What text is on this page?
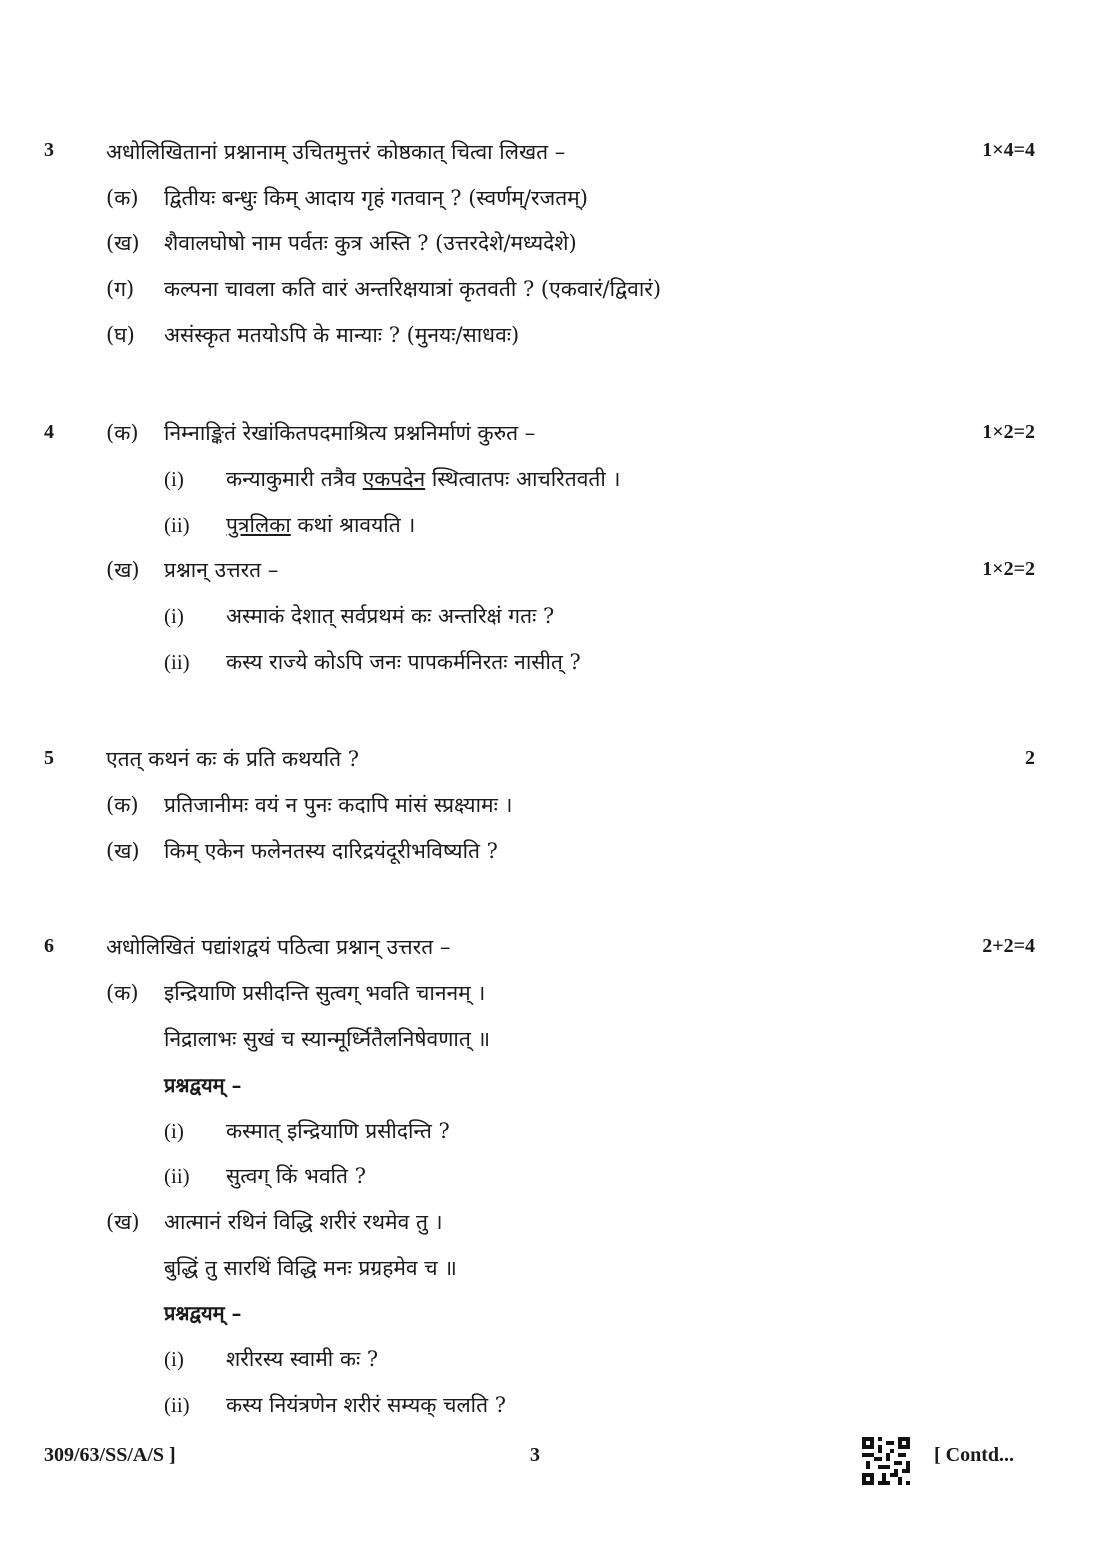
3 अधोलिखितानां प्रश्नानाम् उचितमुत्तरं कोष्ठकात् चित्वा लिखत –	1×4=4
(क) द्वितीयः बन्धुः किम् आदाय गृहं गतवान् ? (स्वर्णम्/रजतम्)
(ख) शैवालघोषो नाम पर्वतः कुत्र अस्ति ? (उत्तरदेशे/मध्यदेशे)
(ग) कल्पना चावला कति वारं अन्तरिक्षयात्रां कृतवती ? (एकवारं/द्विवारं)
(घ) असंस्कृत मतयोऽपि के मान्याः ? (मुनयः/साधवः)
4 (क) निम्नाङ्कितं रेखांकितपदमाश्रित्य प्रश्ननिर्माणं कुरुत –	1×2=2
(i) कन्याकुमारी तत्रैव एकपदेन स्थित्वातपः आचरितवती ।
(ii) पुत्रलिका कथां श्रावयति ।
(ख) प्रश्नान् उत्तरत –	1×2=2
(i) अस्माकं देशात् सर्वप्रथमं कः अन्तरिक्षं गतः ?
(ii) कस्य राज्ये कोऽपि जनः पापकर्मनिरतः नासीत् ?
5 एतत् कथनं कः कं प्रति कथयति ?	2
(क) प्रतिजानीमः वयं न पुनः कदापि मांसं स्प्रक्ष्यामः ।
(ख) किम् एकेन फलेनतस्य दारिद्रयंदूरीभविष्यति ?
6 अधोलिखितं पद्यांशद्वयं पठित्वा प्रश्नान् उत्तरत –	2+2=4
(क) इन्द्रियाणि प्रसीदन्ति सुत्वग् भवति चाननम् ।
निद्रालाभः सुखं च स्यान्मूर्ध्नितैलनिषेवणात् ॥
प्रश्नद्वयम् –
(i) कस्मात् इन्द्रियाणि प्रसीदन्ति ?
(ii) सुत्वग् किं भवति ?
(ख) आत्मानं रथिनं विद्धि शरीरं रथमेव तु ।
बुद्धिं तु सारथिं विद्धि मनः प्रग्रहमेव च ॥
प्रश्नद्वयम् –
(i) शरीरस्य स्वामी कः ?
(ii) कस्य नियंत्रणेन शरीरं सम्यक् चलति ?
309/63/SS/A/S ]	3	[ Contd...
